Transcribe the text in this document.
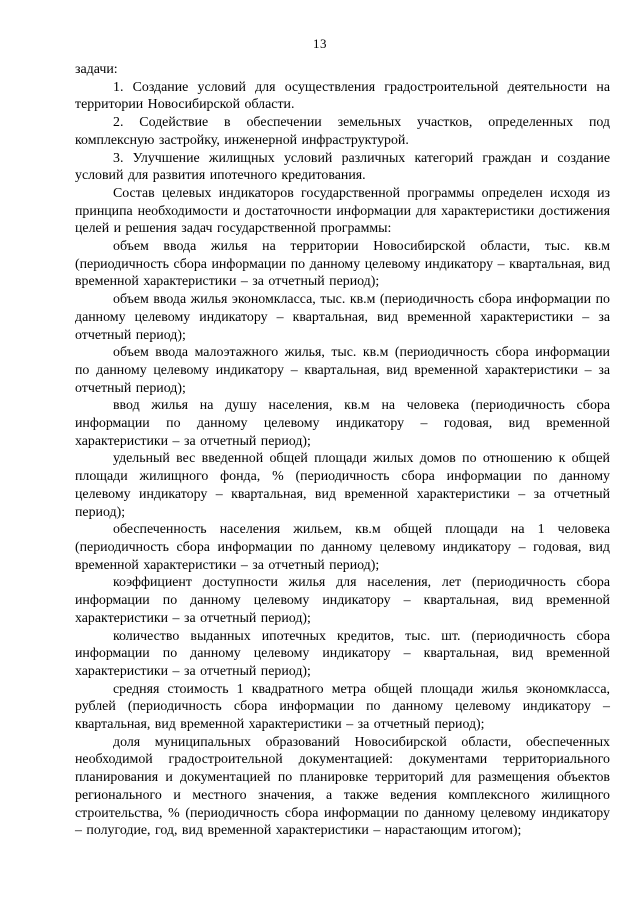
13

задачи:

1. Создание условий для осуществления градостроительной деятельности на территории Новосибирской области.

2. Содействие в обеспечении земельных участков, определенных под комплексную застройку, инженерной инфраструктурой.

3. Улучшение жилищных условий различных категорий граждан и создание условий для развития ипотечного кредитования.

Состав целевых индикаторов государственной программы определен исходя из принципа необходимости и достаточности информации для характеристики достижения целей и решения задач государственной программы:

объем ввода жилья на территории Новосибирской области, тыс. кв.м (периодичность сбора информации по данному целевому индикатору – квартальная, вид временной характеристики – за отчетный период);

объем ввода жилья экономкласса, тыс. кв.м (периодичность сбора информации по данному целевому индикатору – квартальная, вид временной характеристики – за отчетный период);

объем ввода малоэтажного жилья, тыс. кв.м (периодичность сбора информации по данному целевому индикатору – квартальная, вид временной характеристики – за отчетный период);

ввод жилья на душу населения, кв.м на человека (периодичность сбора информации по данному целевому индикатору – годовая, вид временной характеристики – за отчетный период);

удельный вес введенной общей площади жилых домов по отношению к общей площади жилищного фонда, % (периодичность сбора информации по данному целевому индикатору – квартальная, вид временной характеристики – за отчетный период);

обеспеченность населения жильем, кв.м общей площади на 1 человека (периодичность сбора информации по данному целевому индикатору – годовая, вид временной характеристики – за отчетный период);

коэффициент доступности жилья для населения, лет (периодичность сбора информации по данному целевому индикатору – квартальная, вид временной характеристики – за отчетный период);

количество выданных ипотечных кредитов, тыс. шт. (периодичность сбора информации по данному целевому индикатору – квартальная, вид временной характеристики – за отчетный период);

средняя стоимость 1 квадратного метра общей площади жилья экономкласса, рублей (периодичность сбора информации по данному целевому индикатору – квартальная, вид временной характеристики – за отчетный период);

доля муниципальных образований Новосибирской области, обеспеченных необходимой градостроительной документацией: документами территориального планирования и документацией по планировке территорий для размещения объектов регионального и местного значения, а также ведения комплексного жилищного строительства, % (периодичность сбора информации по данному целевому индикатору – полугодие, год, вид временной характеристики – нарастающим итогом);
